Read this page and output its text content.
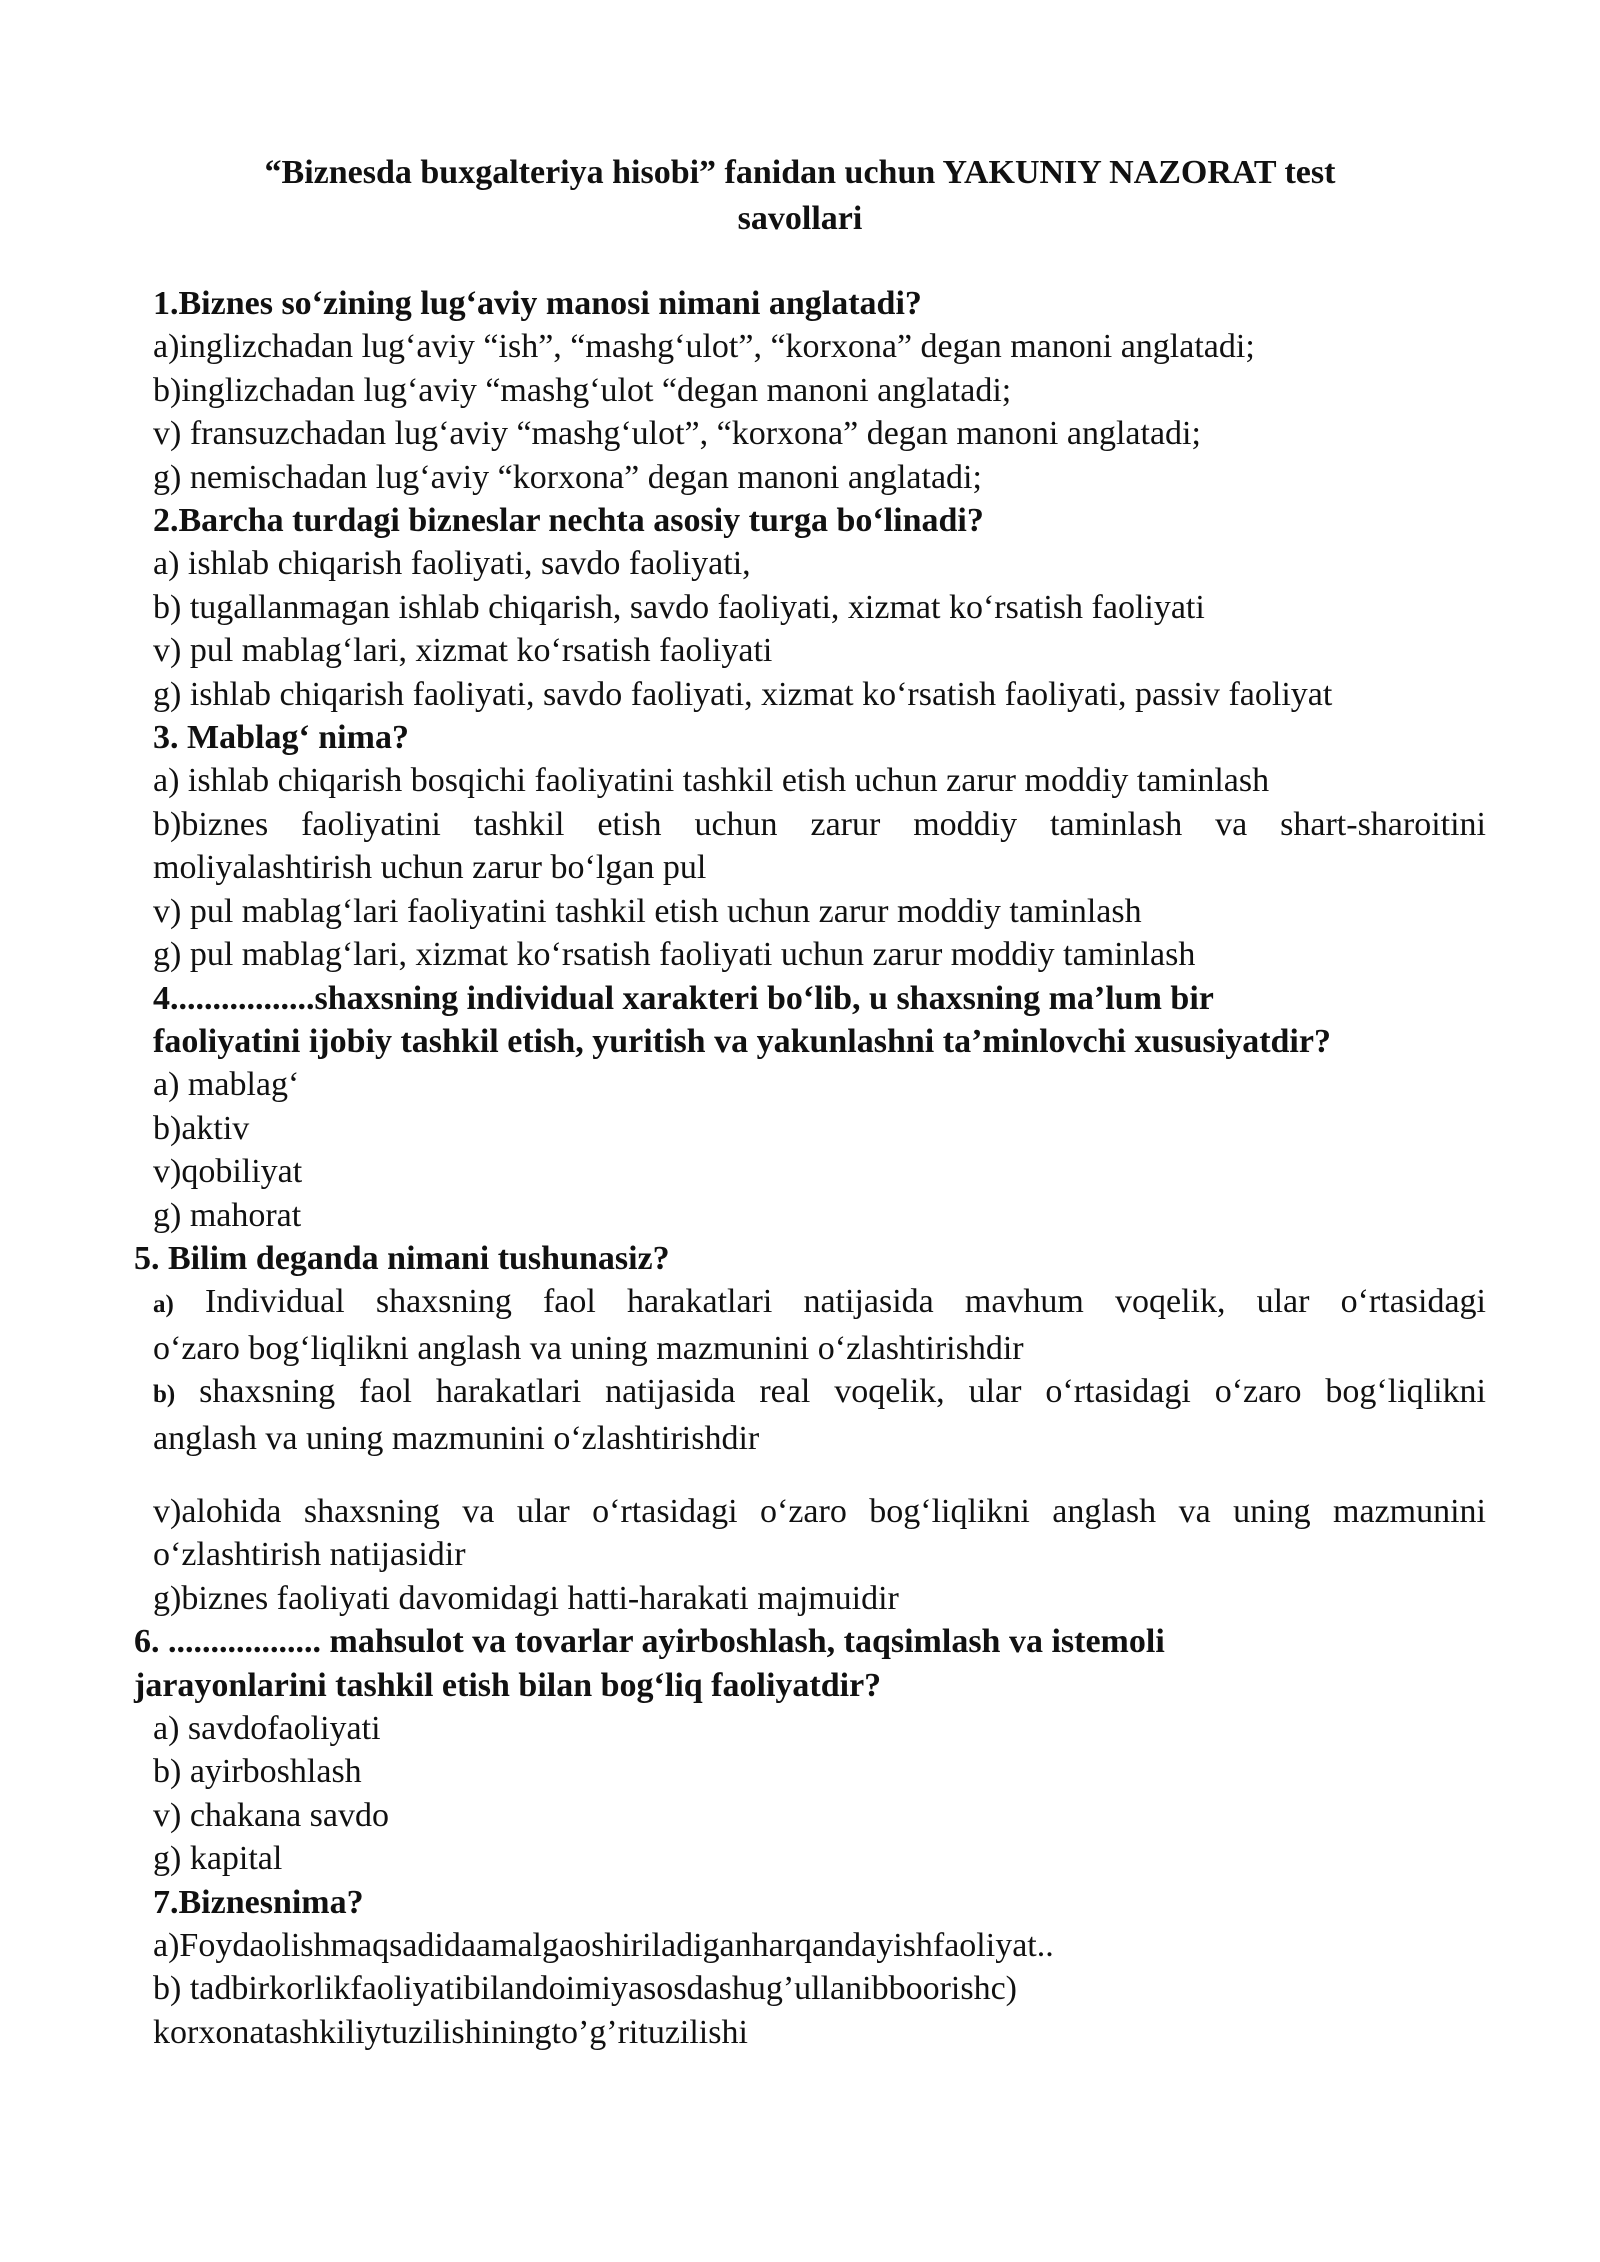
“Biznesda buxgalteriya hisobi” fanidan uchun YAKUNIY NAZORAT test
savollari
1.Biznes so‘zining lug‘aviy manosi nimani anglatadi?
a)inglizchadan lug‘aviy “ish”, “mashg‘ulot”, “korxona” degan manoni anglatadi;
b)inglizchadan lug‘aviy “mashg‘ulot “degan manoni anglatadi;
v) fransuzchadan lug‘aviy “mashg‘ulot”, “korxona” degan manoni anglatadi;
g) nemischadan lug‘aviy “korxona” degan manoni anglatadi;
2.Barcha turdagi bizneslar nechta asosiy turga bo‘linadi?
a) ishlab chiqarish faoliyati, savdo faoliyati,
b) tugallanmagan ishlab chiqarish, savdo faoliyati, xizmat ko‘rsatish faoliyati
v) pul mablag‘lari, xizmat ko‘rsatish faoliyati
g) ishlab chiqarish faoliyati, savdo faoliyati, xizmat ko‘rsatish faoliyati, passiv faoliyat
3. Mablag‘ nima?
a) ishlab chiqarish bosqichi faoliyatini tashkil etish uchun zarur moddiy taminlash
b)biznes faoliyatini tashkil etish uchun zarur moddiy taminlash va shart-sharoitini
moliyalashtirish uchun zarur bo‘lgan pul
v) pul mablag‘lari faoliyatini tashkil etish uchun zarur moddiy taminlash
g) pul mablag‘lari, xizmat ko‘rsatish faoliyati uchun zarur moddiy taminlash
4.................shaxsning individual xarakteri bo‘lib, u shaxsning ma’lum bir
faoliyatini ijobiy tashkil etish, yuritish va yakunlashni ta’minlovchi xususiyatdir?
a) mablag‘
b)aktiv
v)qobiliyat
g) mahorat
5. Bilim deganda nimani tushunasiz?
a) Individual shaxsning faol harakatlari natijasida mavhum voqelik, ular o‘rtasidagi
o‘zaro bog‘liqlikni anglash va uning mazmunini o‘zlashtirishdir
b) shaxsning faol harakatlari natijasida real voqelik, ular o‘rtasidagi o‘zaro bog‘liqlikni
anglash va uning mazmunini o‘zlashtirishdir
v)alohida shaxsning va ular o‘rtasidagi o‘zaro bog‘liqlikni anglash va uning mazmunini
o‘zlashtirish natijasidir
g)biznes faoliyati davomidagi hatti-harakati majmuidir
6. .................. mahsulot va tovarlar ayirboshlash, taqsimlash va istemoli
jarayonlarini tashkil etish bilan bog‘liq faoliyatdir?
a) savdofaoliyati
b) ayirboshlash
v) chakana savdo
g) kapital
7.Biznesnima?
a)Foydaolishmaqsadidaamalgaoshiriladiganharqandayishfaoliyat..
b) tadbirkorlikfaoliyatibilandoimiyasosdashug’ullanibboorishc)
korxonatashkiliytuzilishiningto’g’rituzilishi
